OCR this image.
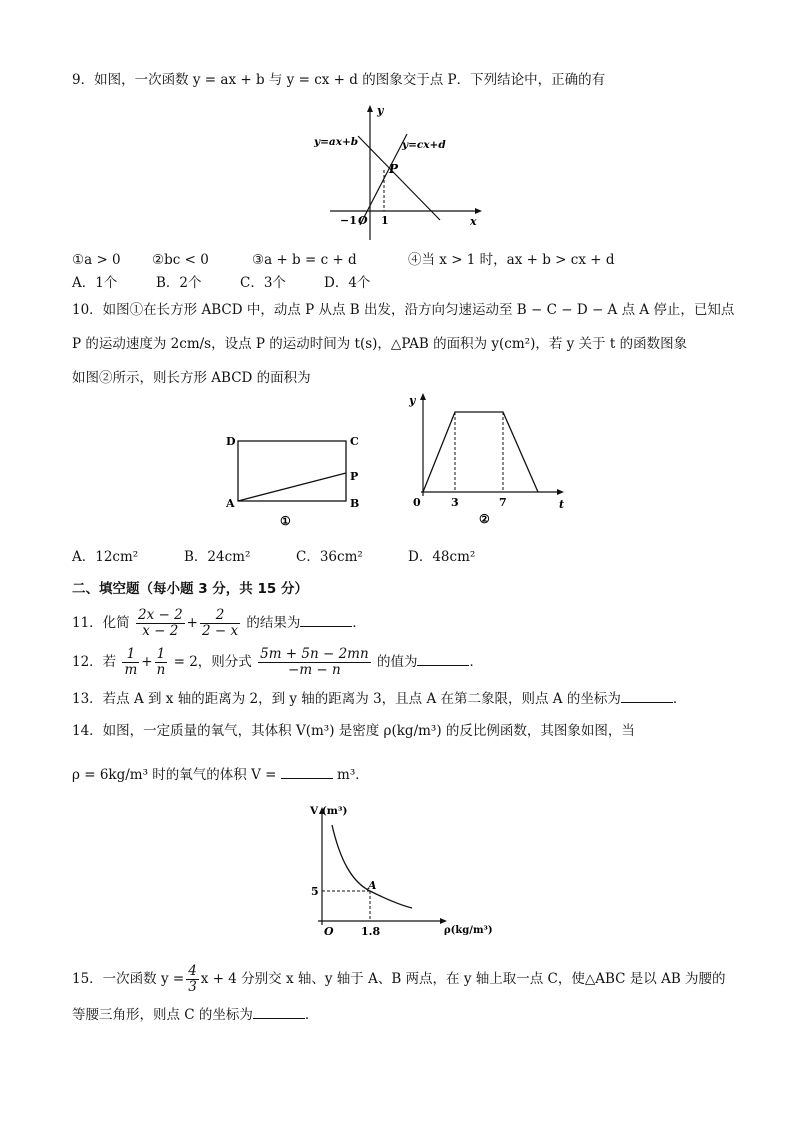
9．如图，一次函数 y = ax + b 与 y = cx + d 的图象交于点 P．下列结论中，正确的有
y=ax+b	y=cx+d
P
y
x
−1 O 1
①a > 0 ②bc < 0	③a + b = c + d	④当 x > 1 时，ax + b > cx + d
A．1个	B．2个	C．3个	D．4个
10．如图①在长方形 ABCD 中，动点 P 从点 B 出发，沿方向匀速运动至 B − C − D − A 点 A 停止，已知点
P 的运动速度为 2cm/s，设点 P 的运动时间为 t(s)，△PAB 的面积为 y(cm²)，若 y 关于 t 的函数图象
如图②所示，则长方形 ABCD 的面积为
D	C
A	B
P
①
y
t
0	3	7
②
A．12cm²	B．24cm²	C．36cm²	D．48cm²
二、填空题（每小题 3 分，共 15 分）
11．化简 $\frac{2x - 2}{x - 2} + \frac{2}{2 - x}$ 的结果为	．
12．若 $\frac{1}{m} + \frac{1}{n} = 2$，则分式 $\frac{5m + 5n - 2mn}{-m - n}$ 的值为	．
13．若点 A 到 x 轴的距离为 2，到 y 轴的距离为 3，且点 A 在第二象限，则点 A 的坐标为	．
14．如图，一定质量的氧气，其体积 V(m³) 是密度 ρ(kg/m³) 的反比例函数，其图象如图，当
ρ = 6kg/m³ 时的氧气的体积 V =	m³．
V (m³)
ρ(kg/m³)
O
A
5
1.8
15．一次函数 $y = \frac{4}{3}$ x + 4 分别交 x 轴、y 轴于 A、B 两点，在 y 轴上取一点 C，使△ABC 是以 AB 为腰的
等腰三角形，则点 C 的坐标为	．
